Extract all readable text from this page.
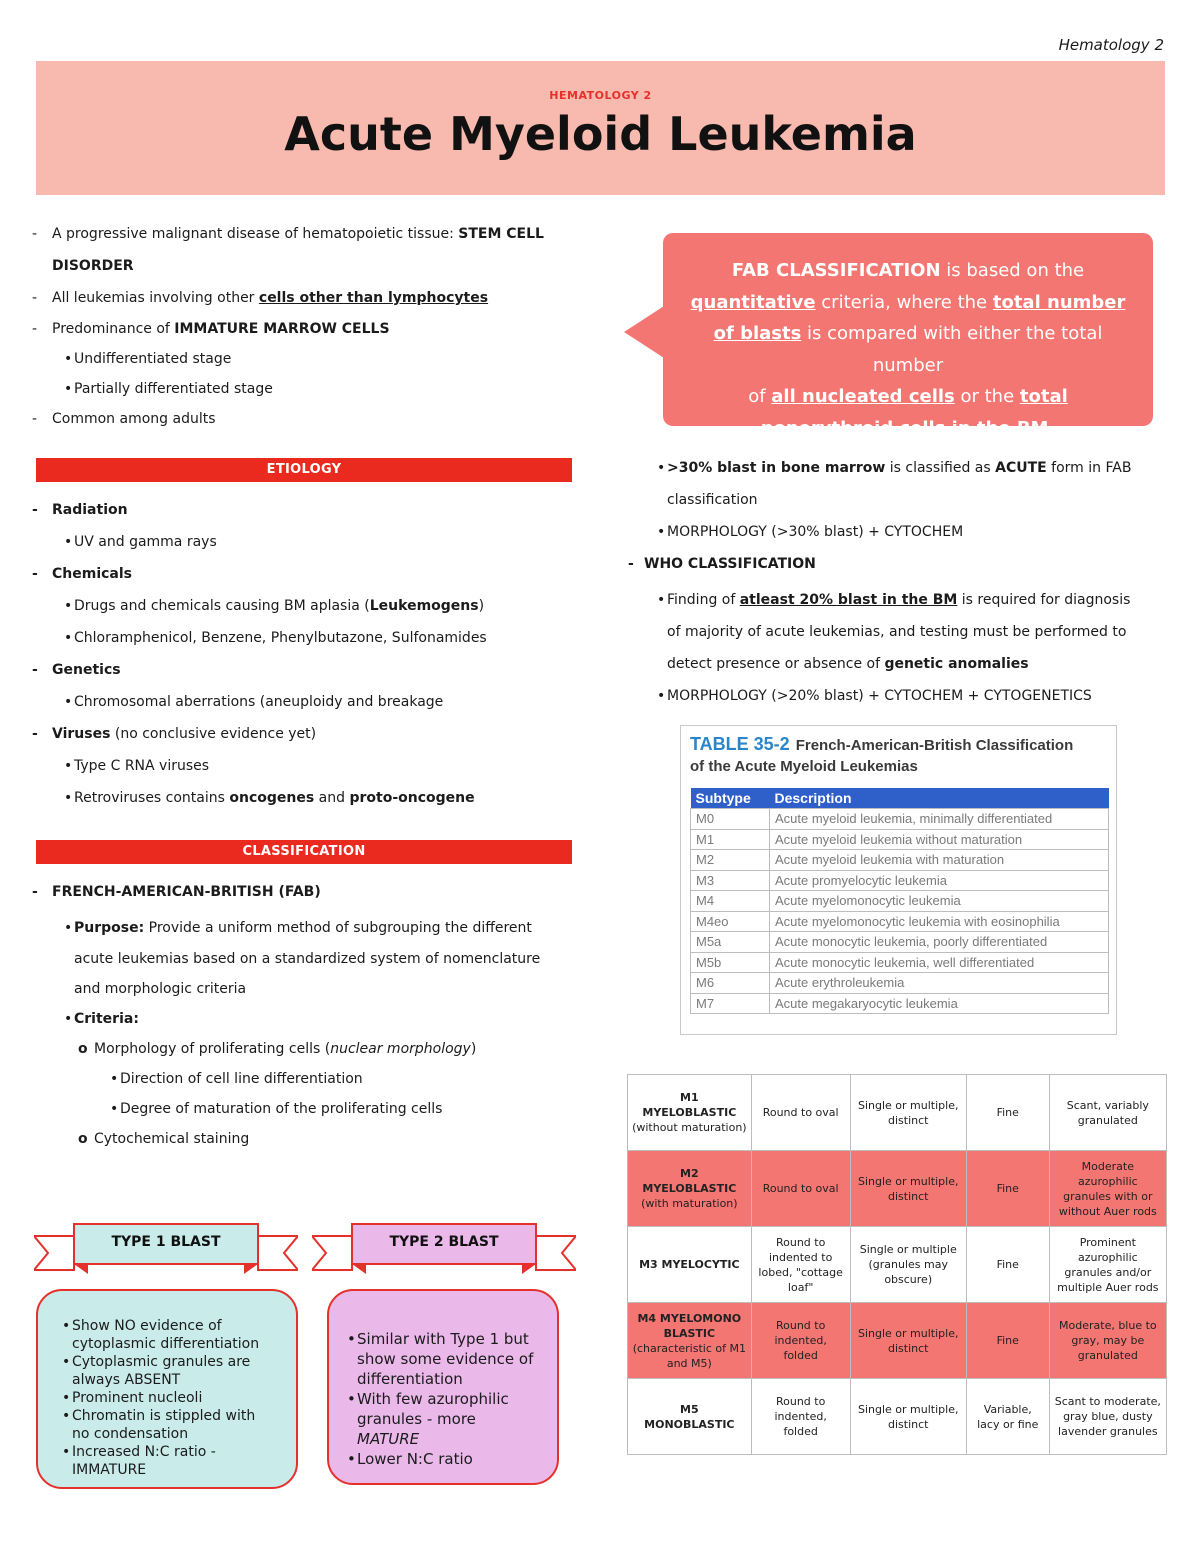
Hematology 2
HEMATOLOGY 2
Acute Myeloid Leukemia
- A progressive malignant disease of hematopoietic tissue: STEM CELL
DISORDER
- All leukemias involving other cells other than lymphocytes
- Predominance of IMMATURE MARROW CELLS
• Undifferentiated stage
• Partially differentiated stage
- Common among adults
ETIOLOGY
- Radiation
• UV and gamma rays
- Chemicals
• Drugs and chemicals causing BM aplasia (Leukemogens)
• Chloramphenicol, Benzene, Phenylbutazone, Sulfonamides
- Genetics
• Chromosomal aberrations (aneuploidy and breakage
- Viruses (no conclusive evidence yet)
• Type C RNA viruses
• Retroviruses contains oncogenes and proto-oncogene
CLASSIFICATION
- FRENCH-AMERICAN-BRITISH (FAB)
• Purpose: Provide a uniform method of subgrouping the different
acute leukemias based on a standardized system of nomenclature
and morphologic criteria
• Criteria:
o Morphology of proliferating cells (nuclear morphology)
• Direction of cell line differentiation
• Degree of maturation of the proliferating cells
o Cytochemical staining
TYPE 1 BLAST	TYPE 2 BLAST
• Show NO evidence of cytoplasmic differentiation
• Cytoplasmic granules are always ABSENT
• Prominent nucleoli
• Chromatin is stippled with no condensation
• Increased N:C ratio - IMMATURE
• Similar with Type 1 but show some evidence of differentiation
• With few azurophilic granules - more MATURE
• Lower N:C ratio
FAB CLASSIFICATION is based on the
quantitative criteria, where the total number
of blasts is compared with either the total number
of all nucleated cells or the total
nonerythroid cells in the BM.
• >30% blast in bone marrow is classified as ACUTE form in FAB
classification
• MORPHOLOGY (>30% blast) + CYTOCHEM
- WHO CLASSIFICATION
• Finding of atleast 20% blast in the BM is required for diagnosis
of majority of acute leukemias, and testing must be performed to
detect presence or absence of genetic anomalies
• MORPHOLOGY (>20% blast) + CYTOCHEM + CYTOGENETICS
TABLE 35-2 French-American-British Classification
of the Acute Myeloid Leukemias
Subtype	Description
M0	Acute myeloid leukemia, minimally differentiated
M1	Acute myeloid leukemia without maturation
M2	Acute myeloid leukemia with maturation
M3	Acute promyelocytic leukemia
M4	Acute myelomonocytic leukemia
M4eo	Acute myelomonocytic leukemia with eosinophilia
M5a	Acute monocytic leukemia, poorly differentiated
M5b	Acute monocytic leukemia, well differentiated
M6	Acute erythroleukemia
M7	Acute megakaryocytic leukemia
M1
MYELOBLASTIC
(without maturation)	Round to oval	Single or multiple, distinct	Fine	Scant, variably granulated

M2
MYELOBLASTIC
(with maturation)	Round to oval	Single or multiple, distinct	Fine	Moderate azurophilic granules with or without Auer rods

M3 MYELOCYTIC	Round to indented to lobed, "cottage loaf"	Single or multiple (granules may obscure)	Fine	Prominent azurophilic granules and/or multiple Auer rods

M4 MYELOMONO
BLASTIC
(characteristic of M1 and M5)	Round to indented, folded	Single or multiple, distinct	Fine	Moderate, blue to gray, may be granulated

M5
MONOBLASTIC	Round to indented, folded	Single or multiple, distinct	Variable, lacy or fine	Scant to moderate, gray blue, dusty lavender granules
